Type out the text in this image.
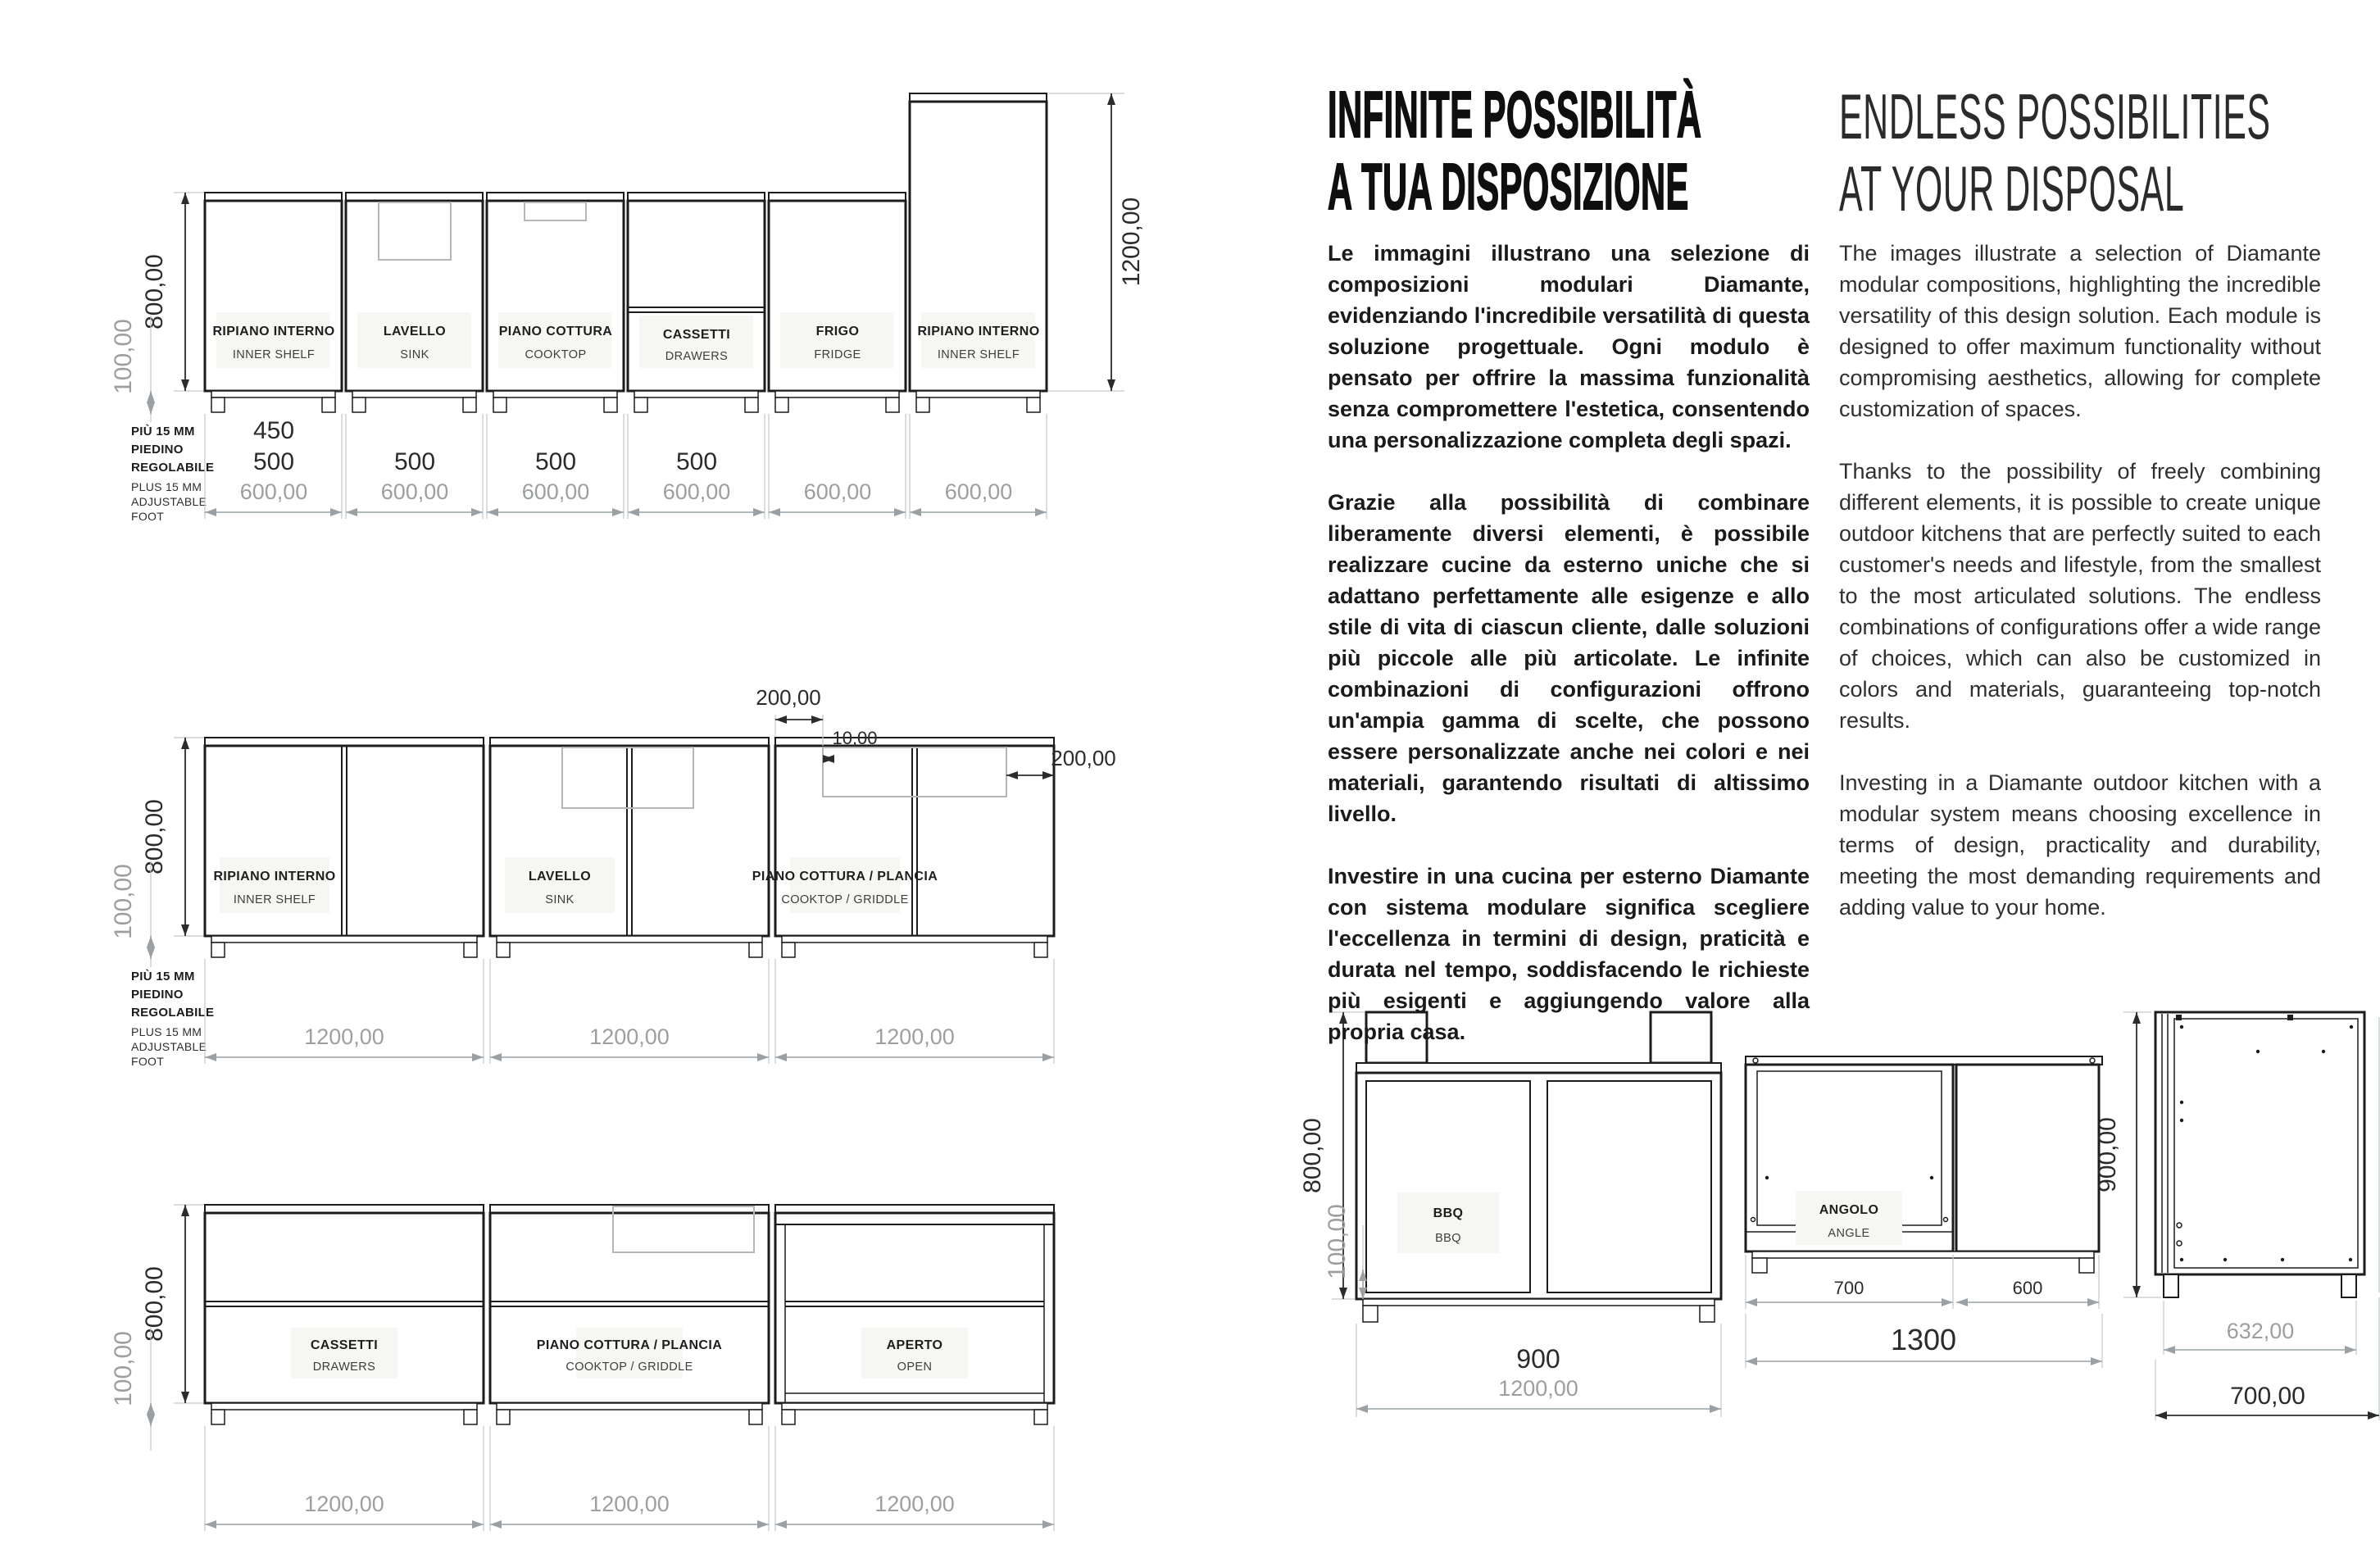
800,00
100,00	RIPIANO INTERNO
INNER SHELF
LAVELLO
SINK
PIANO COTTURA
COOKTOP
CASSETTI
DRAWERS
FRIGO
FRIDGE
RIPIANO INTERNO
INNER SHELF
1200,00
PIÙ 15 MM
PIEDINO
REGOLABILE
PLUS 15 MM
ADJUSTABLE
FOOT
450
500	500	500	500
600,00	600,00	600,00	600,00	600,00	600,00
800,00
100,00	RIPIANO INTERNO
INNER SHELF
LAVELLO
SINK
PIANO COTTURA / PLANCIA
COOKTOP / GRIDDLE
200,00
10,00
200,00
PIÙ 15 MM
PIEDINO
REGOLABILE
PLUS 15 MM
ADJUSTABLE
FOOT
1200,00	1200,00	1200,00
800,00
100,00	CASSETTI
DRAWERS
PIANO COTTURA / PLANCIA
COOKTOP / GRIDDLE
APERTO
OPEN
1200,00	1200,00	1200,00
BBQ
BBQ
800,00
100,00
900
1200,00
ANGOLO
ANGLE
700	600
1300
900,00
632,00
700,00
INFINITE POSSIBILITÀ
A TUA DISPOSIZIONE
ENDLESS POSSIBILITIES
AT YOUR DISPOSAL

Le immagini illustrano una selezione di composizioni modulari Diamante, evidenziando l'incredibile versatilità di questa soluzione progettuale. Ogni modulo è pensato per offrire la massima funzionalità senza compromettere l'estetica, consentendo una personalizzazione completa degli spazi.

Grazie alla possibilità di combinare liberamente diversi elementi, è possibile realizzare cucine da esterno uniche che si adattano perfettamente alle esigenze e allo stile di vita di ciascun cliente, dalle soluzioni più piccole alle più articolate. Le infinite combinazioni di configurazioni offrono un'ampia gamma di scelte, che possono essere personalizzate anche nei colori e nei materiali, garantendo risultati di altissimo livello.

Investire in una cucina per esterno Diamante con sistema modulare significa scegliere l'eccellenza in termini di design, praticità e durata nel tempo, soddisfacendo le richieste più esigenti e aggiungendo valore alla propria casa.

The images illustrate a selection of Diamante modular compositions, highlighting the incredible versatility of this design solution. Each module is designed to offer maximum functionality without compromising aesthetics, allowing for complete customization of spaces.

Thanks to the possibility of freely combining different elements, it is possible to create unique outdoor kitchens that are perfectly suited to each customer's needs and lifestyle, from the smallest to the most articulated solutions. The endless combinations of configurations offer a wide range of choices, which can also be customized in colors and materials, guaranteeing top-notch results.

Investing in a Diamante outdoor kitchen with a modular system means choosing excellence in terms of design, practicality and durability, meeting the most demanding requirements and adding value to your home.
